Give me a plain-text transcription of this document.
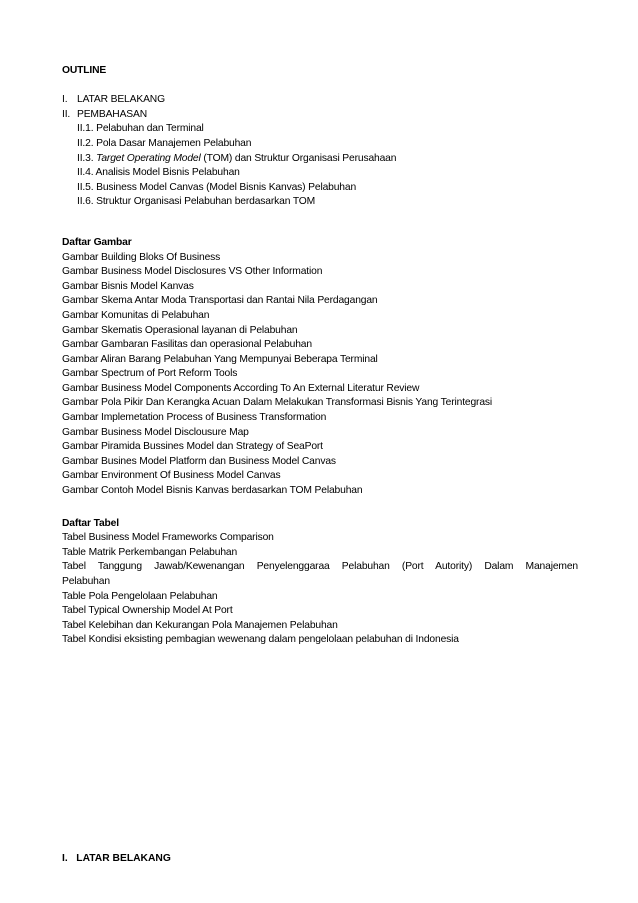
OUTLINE
I. LATAR BELAKANG
II. PEMBAHASAN
II.1. Pelabuhan dan Terminal
II.2. Pola Dasar Manajemen Pelabuhan
II.3. Target Operating Model (TOM) dan Struktur Organisasi Perusahaan
II.4. Analisis Model Bisnis Pelabuhan
II.5. Business Model Canvas (Model Bisnis Kanvas) Pelabuhan
II.6. Struktur Organisasi Pelabuhan berdasarkan TOM
Daftar Gambar
Gambar Building Bloks Of Business
Gambar Business Model Disclosures VS Other Information
Gambar Bisnis Model Kanvas
Gambar Skema Antar Moda Transportasi dan Rantai Nila Perdagangan
Gambar Komunitas di Pelabuhan
Gambar Skematis Operasional layanan di Pelabuhan
Gambar Gambaran Fasilitas dan operasional Pelabuhan
Gambar Aliran Barang Pelabuhan Yang Mempunyai Beberapa Terminal
Gambar Spectrum of Port Reform Tools
Gambar Business Model Components According To An External Literatur Review
Gambar Pola Pikir Dan Kerangka Acuan Dalam Melakukan Transformasi Bisnis Yang Terintegrasi
Gambar Implemetation Process of Business Transformation
Gambar Business Model Disclousure Map
Gambar Piramida Bussines Model dan Strategy of SeaPort
Gambar Busines Model Platform dan Business Model Canvas
Gambar Environment Of Business Model Canvas
Gambar Contoh Model Bisnis Kanvas berdasarkan TOM Pelabuhan
Daftar Tabel
Tabel Business Model Frameworks Comparison
Table Matrik Perkembangan Pelabuhan
Tabel Tanggung Jawab/Kewenangan Penyelenggaraa Pelabuhan (Port Autority) Dalam Manajemen
Pelabuhan
Table Pola Pengelolaan Pelabuhan
Tabel Typical Ownership Model At Port
Tabel Kelebihan dan Kekurangan Pola Manajemen Pelabuhan
Tabel Kondisi eksisting pembagian wewenang dalam pengelolaan pelabuhan di Indonesia
I.   LATAR BELAKANG
